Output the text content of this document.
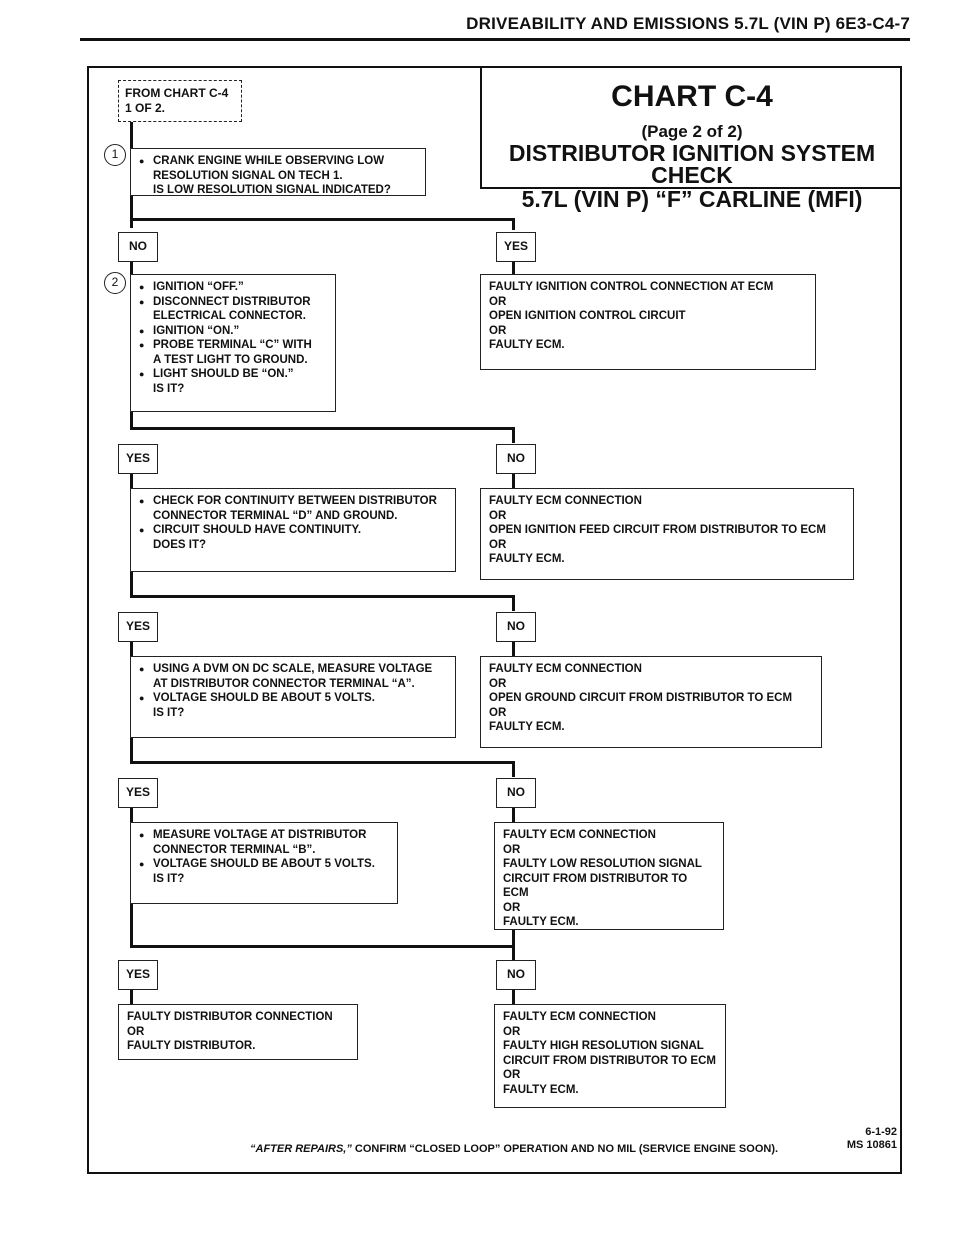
DRIVEABILITY AND EMISSIONS 5.7L (VIN P) 6E3-C4-7
CHART C-4
(Page 2 of 2)
DISTRIBUTOR IGNITION SYSTEM CHECK
5.7L (VIN P) “F” CARLINE (MFI)
FROM CHART C-4
1 OF 2.
1	● CRANK ENGINE WHILE OBSERVING LOW
RESOLUTION SIGNAL ON TECH 1.
IS LOW RESOLUTION SIGNAL INDICATED?
NO	YES
2	● IGNITION “OFF.”
● DISCONNECT DISTRIBUTOR
ELECTRICAL CONNECTOR.
● IGNITION “ON.”
● PROBE TERMINAL “C” WITH
A TEST LIGHT TO GROUND.
● LIGHT SHOULD BE “ON.”
IS IT?
FAULTY IGNITION CONTROL CONNECTION AT ECM
OR
OPEN IGNITION CONTROL CIRCUIT
OR
FAULTY ECM.
YES	NO
● CHECK FOR CONTINUITY BETWEEN DISTRIBUTOR
CONNECTOR TERMINAL “D” AND GROUND.
● CIRCUIT SHOULD HAVE CONTINUITY.
DOES IT?
FAULTY ECM CONNECTION
OR
OPEN IGNITION FEED CIRCUIT FROM DISTRIBUTOR TO ECM
OR
FAULTY ECM.
YES	NO
● USING A DVM ON DC SCALE, MEASURE VOLTAGE
AT DISTRIBUTOR CONNECTOR TERMINAL “A”.
● VOLTAGE SHOULD BE ABOUT 5 VOLTS.
IS IT?
FAULTY ECM CONNECTION
OR
OPEN GROUND CIRCUIT FROM DISTRIBUTOR TO ECM
OR
FAULTY ECM.
YES	NO
● MEASURE VOLTAGE AT DISTRIBUTOR
CONNECTOR TERMINAL “B”.
● VOLTAGE SHOULD BE ABOUT 5 VOLTS.
IS IT?
FAULTY ECM CONNECTION
OR
FAULTY LOW RESOLUTION SIGNAL
CIRCUIT FROM DISTRIBUTOR TO ECM
OR
FAULTY ECM.
YES	NO
FAULTY DISTRIBUTOR CONNECTION
OR
FAULTY DISTRIBUTOR.
FAULTY ECM CONNECTION
OR
FAULTY HIGH RESOLUTION SIGNAL
CIRCUIT FROM DISTRIBUTOR TO ECM
OR
FAULTY ECM.
“AFTER REPAIRS,” CONFIRM “CLOSED LOOP” OPERATION AND NO MIL (SERVICE ENGINE SOON).
6-1-92
MS 10861
